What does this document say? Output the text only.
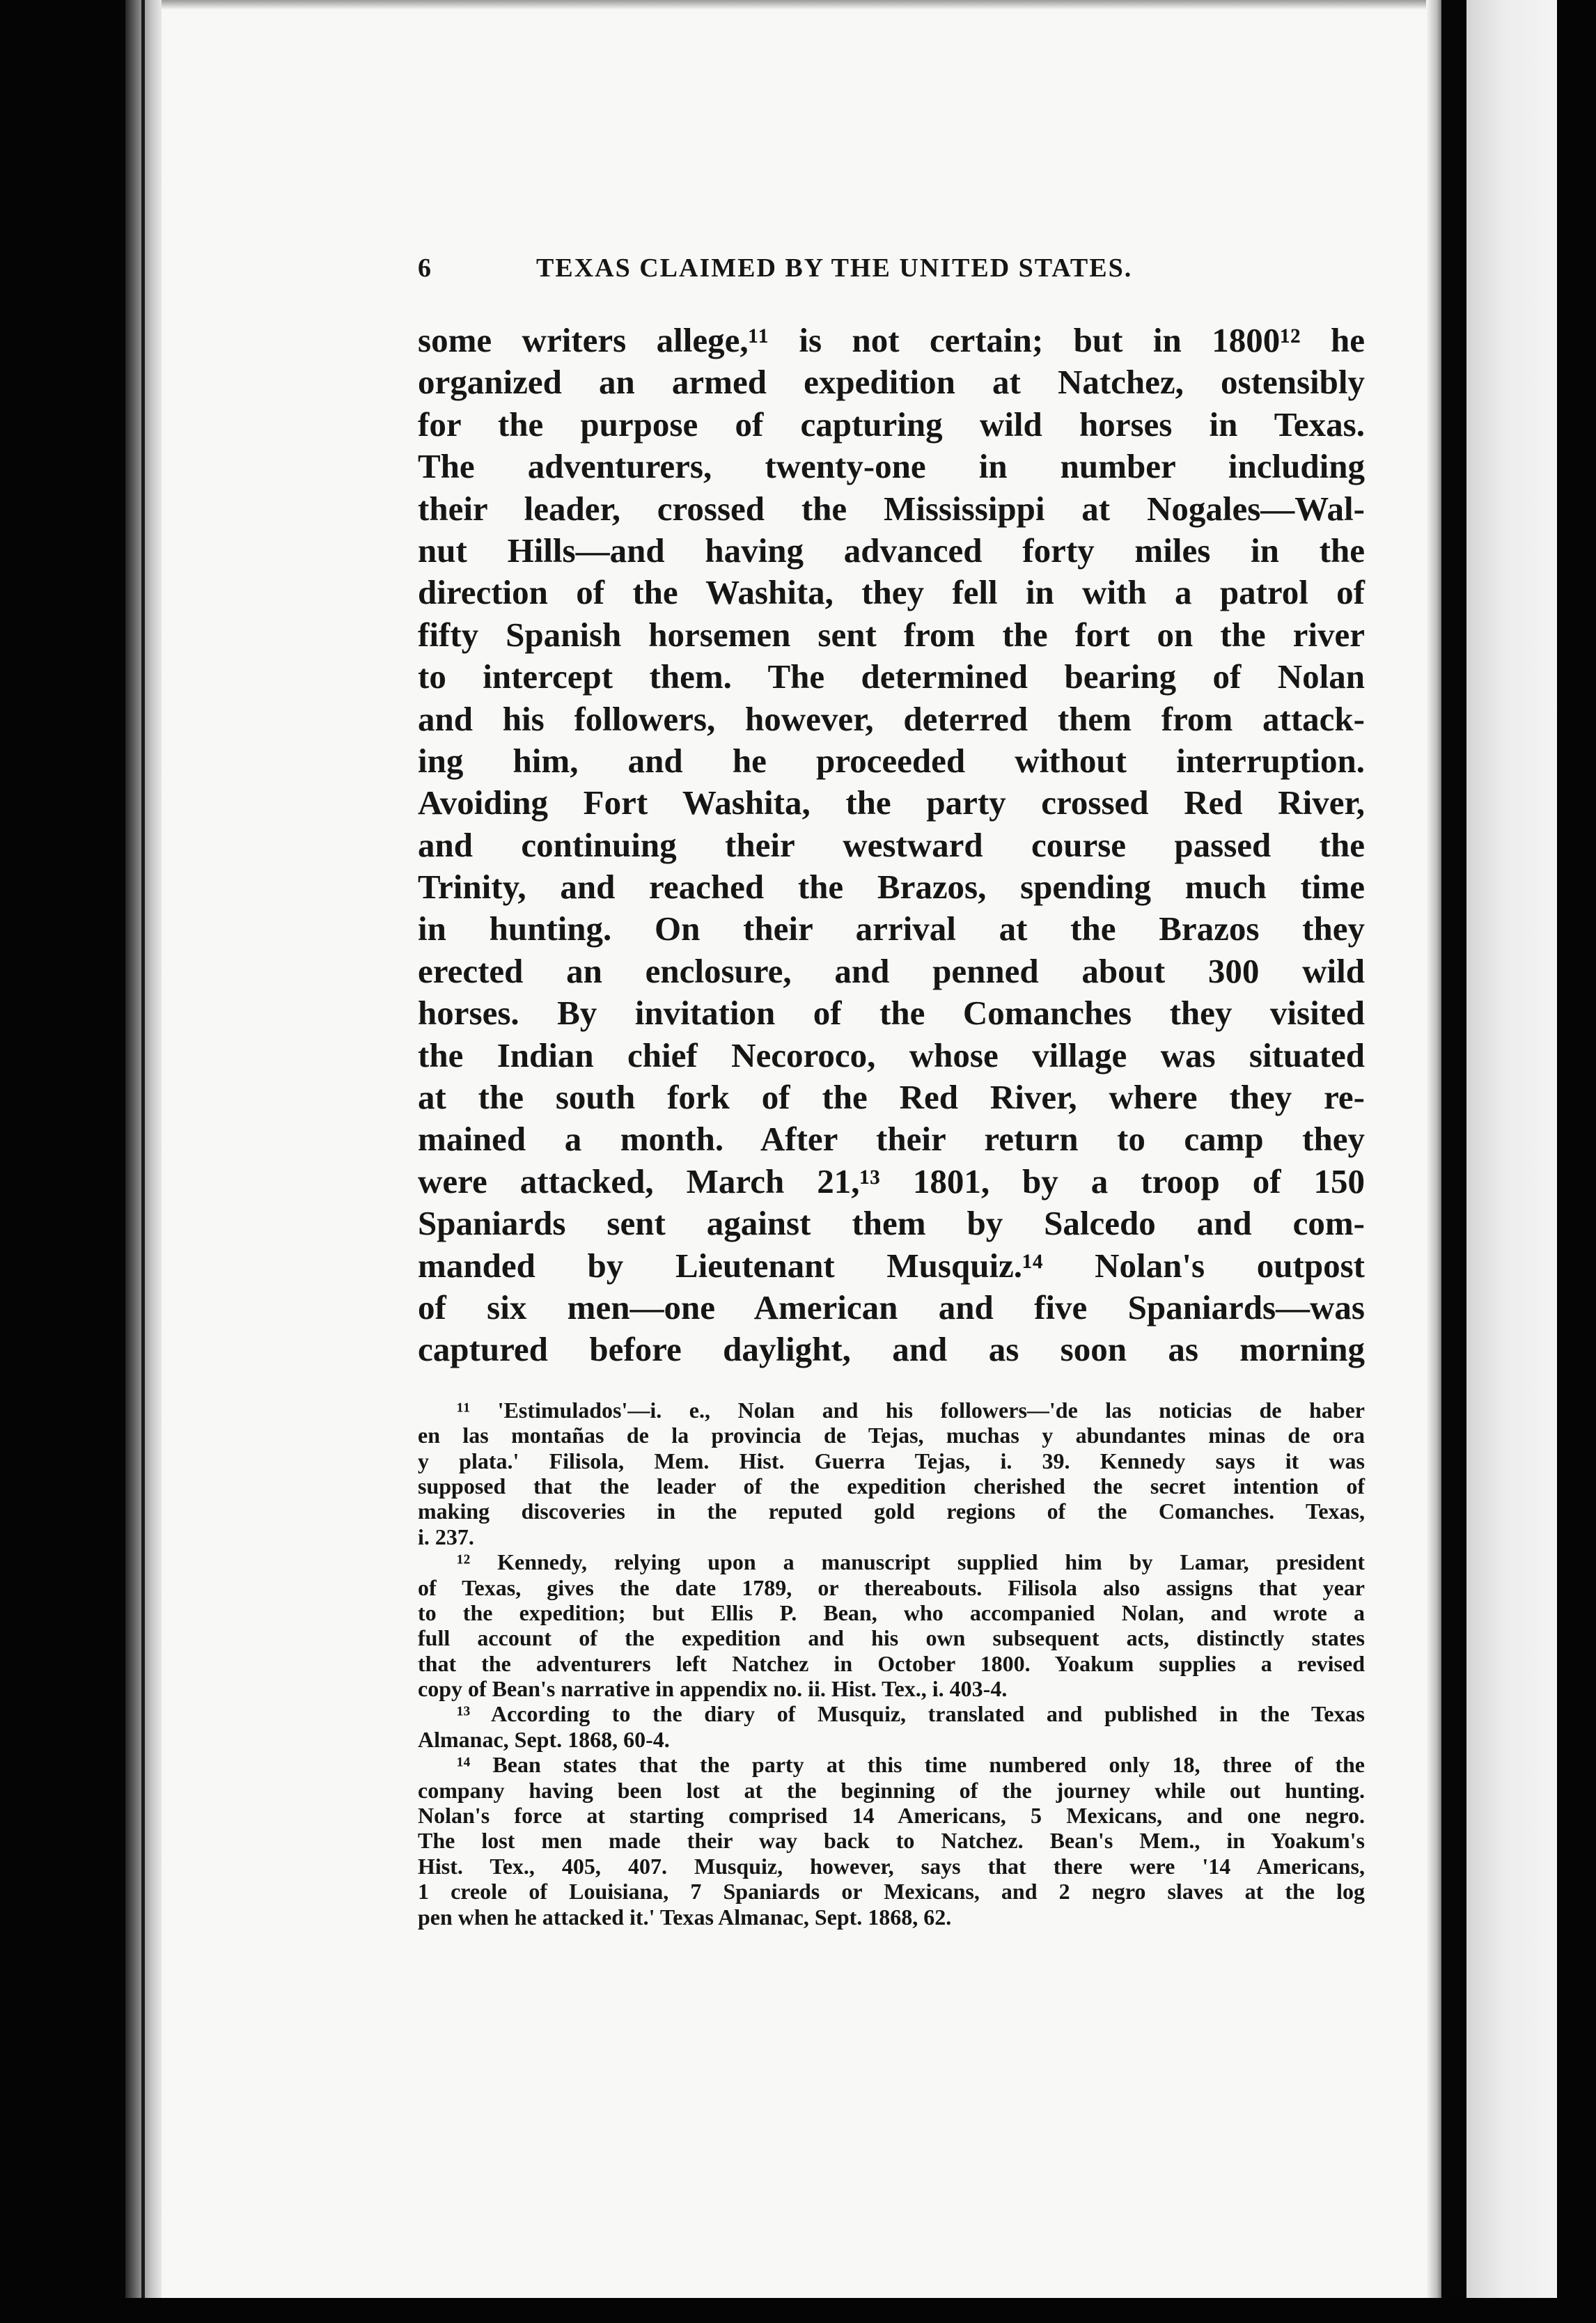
6	TEXAS CLAIMED BY THE UNITED STATES.
some writers allege,¹¹ is not certain; but in 1800¹² he
organized an armed expedition at Natchez, ostensibly
for the purpose of capturing wild horses in Texas.
The adventurers, twenty-one in number including
their leader, crossed the Mississippi at Nogales—Wal-
nut Hills—and having advanced forty miles in the
direction of the Washita, they fell in with a patrol of
fifty Spanish horsemen sent from the fort on the river
to intercept them. The determined bearing of Nolan
and his followers, however, deterred them from attack-
ing him, and he proceeded without interruption.
Avoiding Fort Washita, the party crossed Red River,
and continuing their westward course passed the
Trinity, and reached the Brazos, spending much time
in hunting. On their arrival at the Brazos they
erected an enclosure, and penned about 300 wild
horses. By invitation of the Comanches they visited
the Indian chief Necoroco, whose village was situated
at the south fork of the Red River, where they re-
mained a month. After their return to camp they
were attacked, March 21,¹³ 1801, by a troop of 150
Spaniards sent against them by Salcedo and com-
manded by Lieutenant Musquiz.¹⁴ Nolan's outpost
of six men—one American and five Spaniards—was
captured before daylight, and as soon as morning
¹¹ 'Estimulados'—i. e., Nolan and his followers—'de las noticias de haber
en las montañas de la provincia de Tejas, muchas y abundantes minas de ora
y plata.' Filisola, Mem. Hist. Guerra Tejas, i. 39. Kennedy says it was
supposed that the leader of the expedition cherished the secret intention of
making discoveries in the reputed gold regions of the Comanches. Texas,
i. 237.
¹² Kennedy, relying upon a manuscript supplied him by Lamar, president
of Texas, gives the date 1789, or thereabouts. Filisola also assigns that year
to the expedition; but Ellis P. Bean, who accompanied Nolan, and wrote a
full account of the expedition and his own subsequent acts, distinctly states
that the adventurers left Natchez in October 1800. Yoakum supplies a revised
copy of Bean's narrative in appendix no. ii. Hist. Tex., i. 403-4.
¹³ According to the diary of Musquiz, translated and published in the Texas
Almanac, Sept. 1868, 60-4.
¹⁴ Bean states that the party at this time numbered only 18, three of the
company having been lost at the beginning of the journey while out hunting.
Nolan's force at starting comprised 14 Americans, 5 Mexicans, and one negro.
The lost men made their way back to Natchez. Bean's Mem., in Yoakum's
Hist. Tex., 405, 407. Musquiz, however, says that there were '14 Americans,
1 creole of Louisiana, 7 Spaniards or Mexicans, and 2 negro slaves at the log
pen when he attacked it.' Texas Almanac, Sept. 1868, 62.
